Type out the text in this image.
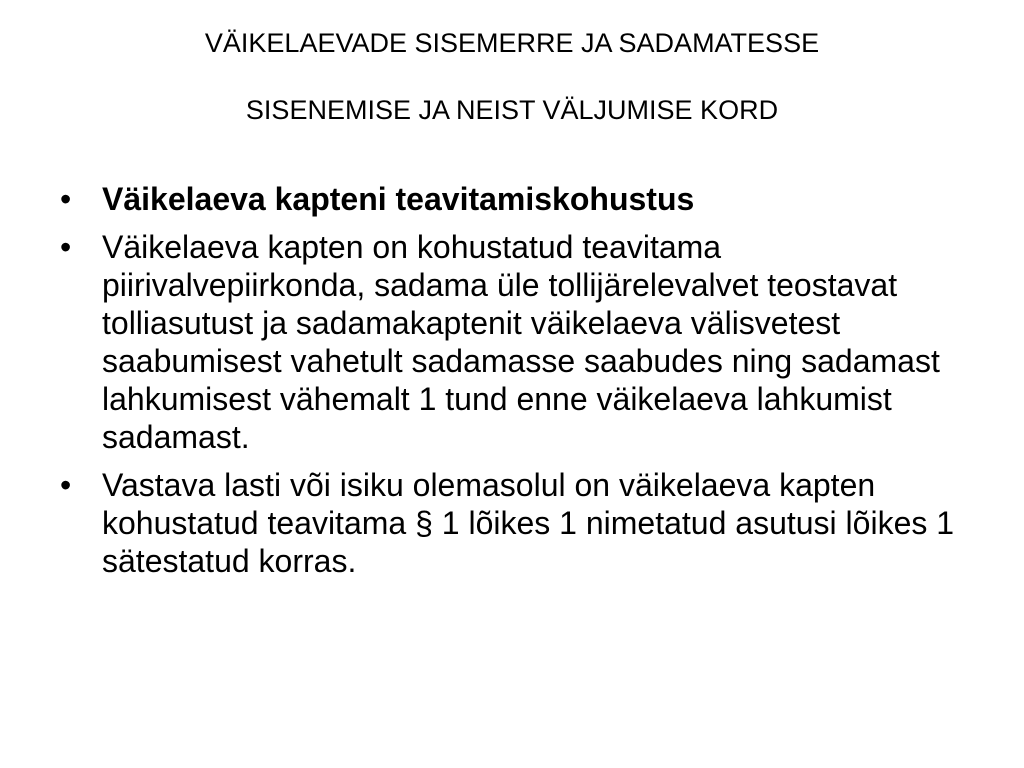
VÄIKELAEVADE SISEMERRE JA SADAMATESSE
SISENEMISE JA NEIST VÄLJUMISE KORD
• Väikelaeva kapteni teavitamiskohustus
• Väikelaeva kapten on kohustatud teavitama piirivalvepiirkonda, sadama üle tollijärelevalvet teostavat tolliasutust ja sadamakaptenit väikelaeva välisvetest saabumisest vahetult sadamasse saabudes ning sadamast lahkumisest vähemalt 1 tund enne väikelaeva lahkumist sadamast.
• Vastava lasti või isiku olemasolul on väikelaeva kapten kohustatud teavitama § 1 lõikes 1 nimetatud asutusi lõikes 1 sätestatud korras.
